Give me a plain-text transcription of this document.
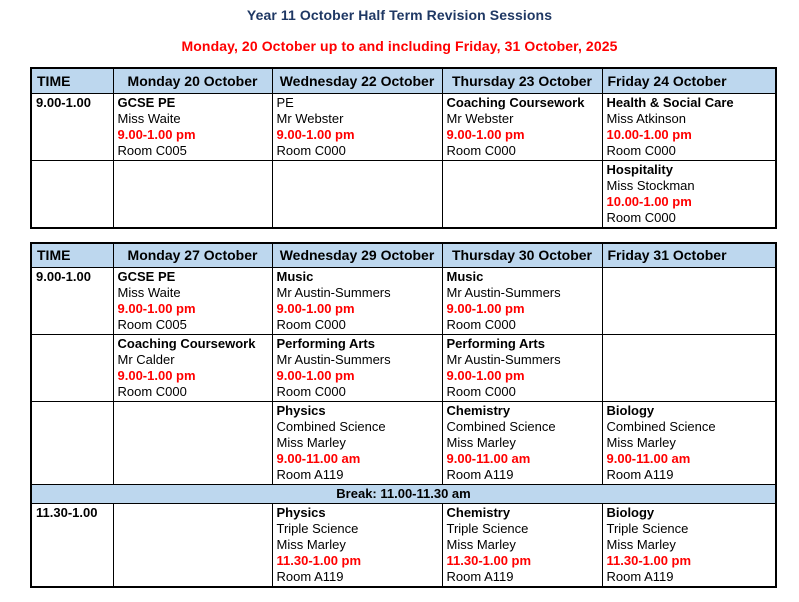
Year 11 October Half Term Revision Sessions
Monday, 20 October up to and including Friday, 31 October, 2025
TIME	Monday 20 October	Wednesday 22 October	Thursday 23 October	Friday 24 October
9.00-1.00	GCSE PE
Miss Waite
9.00-1.00 pm
Room C005	PE
Mr Webster
9.00-1.00 pm
Room C000	Coaching Coursework
Mr Webster
9.00-1.00 pm
Room C000	Health & Social Care
Miss Atkinson
10.00-1.00 pm
Room C000

				Hospitality
Miss Stockman
10.00-1.00 pm
Room C000
TIME	Monday 27 October	Wednesday 29 October	Thursday 30 October	Friday 31 October
9.00-1.00	GCSE PE
Miss Waite
9.00-1.00 pm
Room C005	Music
Mr Austin-Summers
9.00-1.00 pm
Room C000	Music
Mr Austin-Summers
9.00-1.00 pm
Room C000	

	Coaching Coursework
Mr Calder
9.00-1.00 pm
Room C000	Performing Arts
Mr Austin-Summers
9.00-1.00 pm
Room C000	Performing Arts
Mr Austin-Summers
9.00-1.00 pm
Room C000	

		Physics
Combined Science
Miss Marley
9.00-11.00 am
Room A119	Chemistry
Combined Science
Miss Marley
9.00-11.00 am
Room A119	Biology
Combined Science
Miss Marley
9.00-11.00 am
Room A119

Break: 11.00-11.30 am				
11.30-1.00		Physics
Triple Science
Miss Marley
11.30-1.00 pm
Room A119	Chemistry
Triple Science
Miss Marley
11.30-1.00 pm
Room A119	Biology
Triple Science
Miss Marley
11.30-1.00 pm
Room A119
